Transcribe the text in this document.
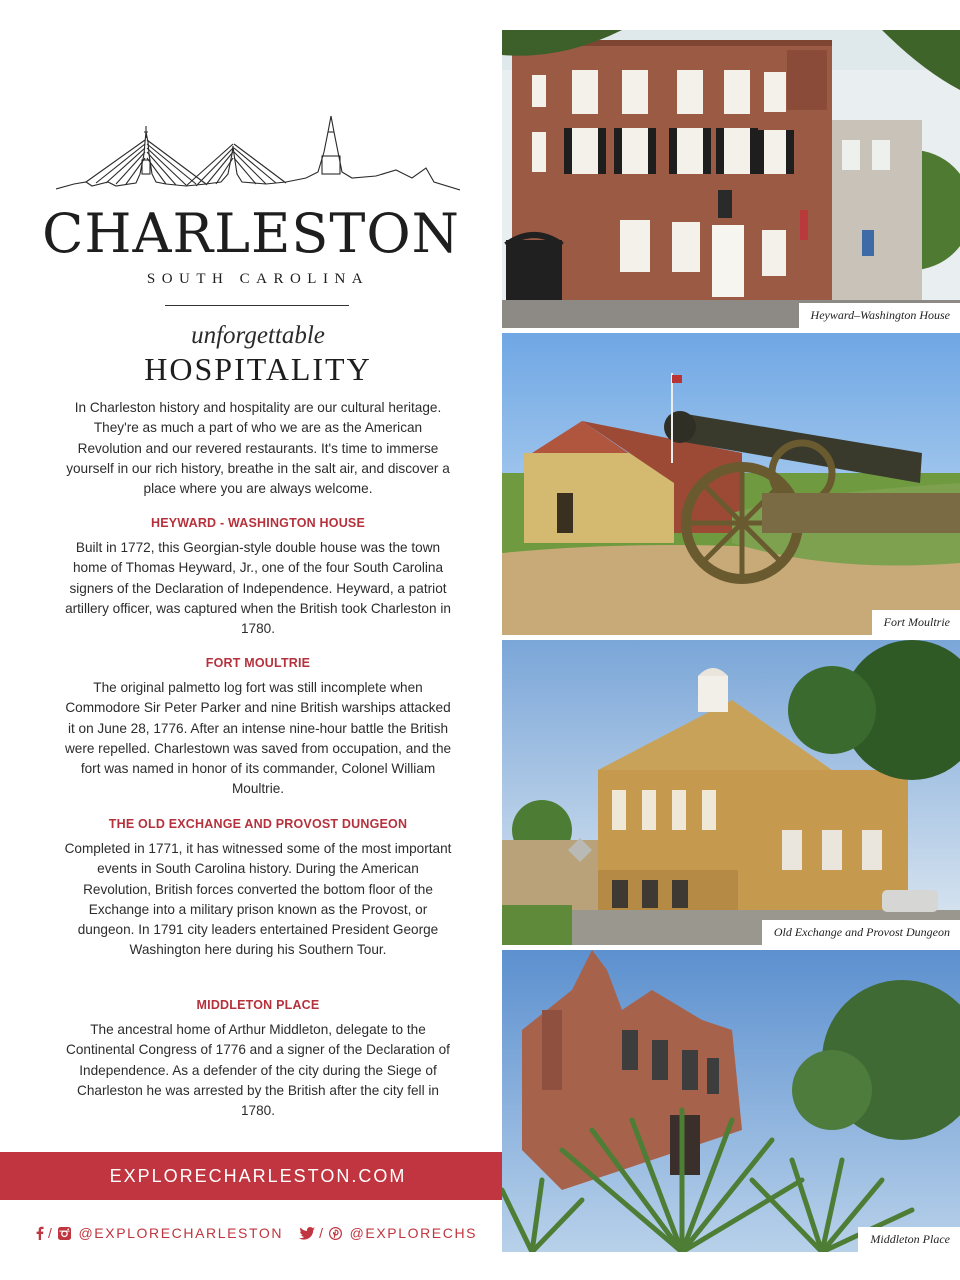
CHARLESTON
SOUTH CAROLINA
unforgettable
HOSPITALITY

In Charleston history and hospitality are our cultural heritage. They're as much a part of who we are as the American Revolution and our revered restaurants. It's time to immerse yourself in our rich history, breathe in the salt air, and discover a place where you are always welcome.

HEYWARD - WASHINGTON HOUSE

Built in 1772, this Georgian-style double house was the town home of Thomas Heyward, Jr., one of the four South Carolina signers of the Declaration of Independence. Heyward, a patriot artillery officer, was captured when the British took Charleston in 1780.

FORT MOULTRIE

The original palmetto log fort was still incomplete when Commodore Sir Peter Parker and nine British warships attacked it on June 28, 1776. After an intense nine-hour battle the British were repelled. Charlestown was saved from occupation, and the fort was named in honor of its commander, Colonel William Moultrie.

THE OLD EXCHANGE AND PROVOST DUNGEON

Completed in 1771, it has witnessed some of the most important events in South Carolina history. During the American Revolution, British forces converted the bottom floor of the Exchange into a military prison known as the Provost, or dungeon. In 1791 city leaders entertained President George Washington here during his Southern Tour.

MIDDLETON PLACE

The ancestral home of Arthur Middleton, delegate to the Continental Congress of 1776 and a signer of the Declaration of Independence. As a defender of the city during the Siege of Charleston he was arrested by the British after the city fell in 1780.

EXPLORECHARLESTON.COM
/ @EXPLORECHARLESTON	/ @EXPLORECHS
Heyward–Washington House
Fort Moultrie
Old Exchange and Provost Dungeon
Middleton Place
